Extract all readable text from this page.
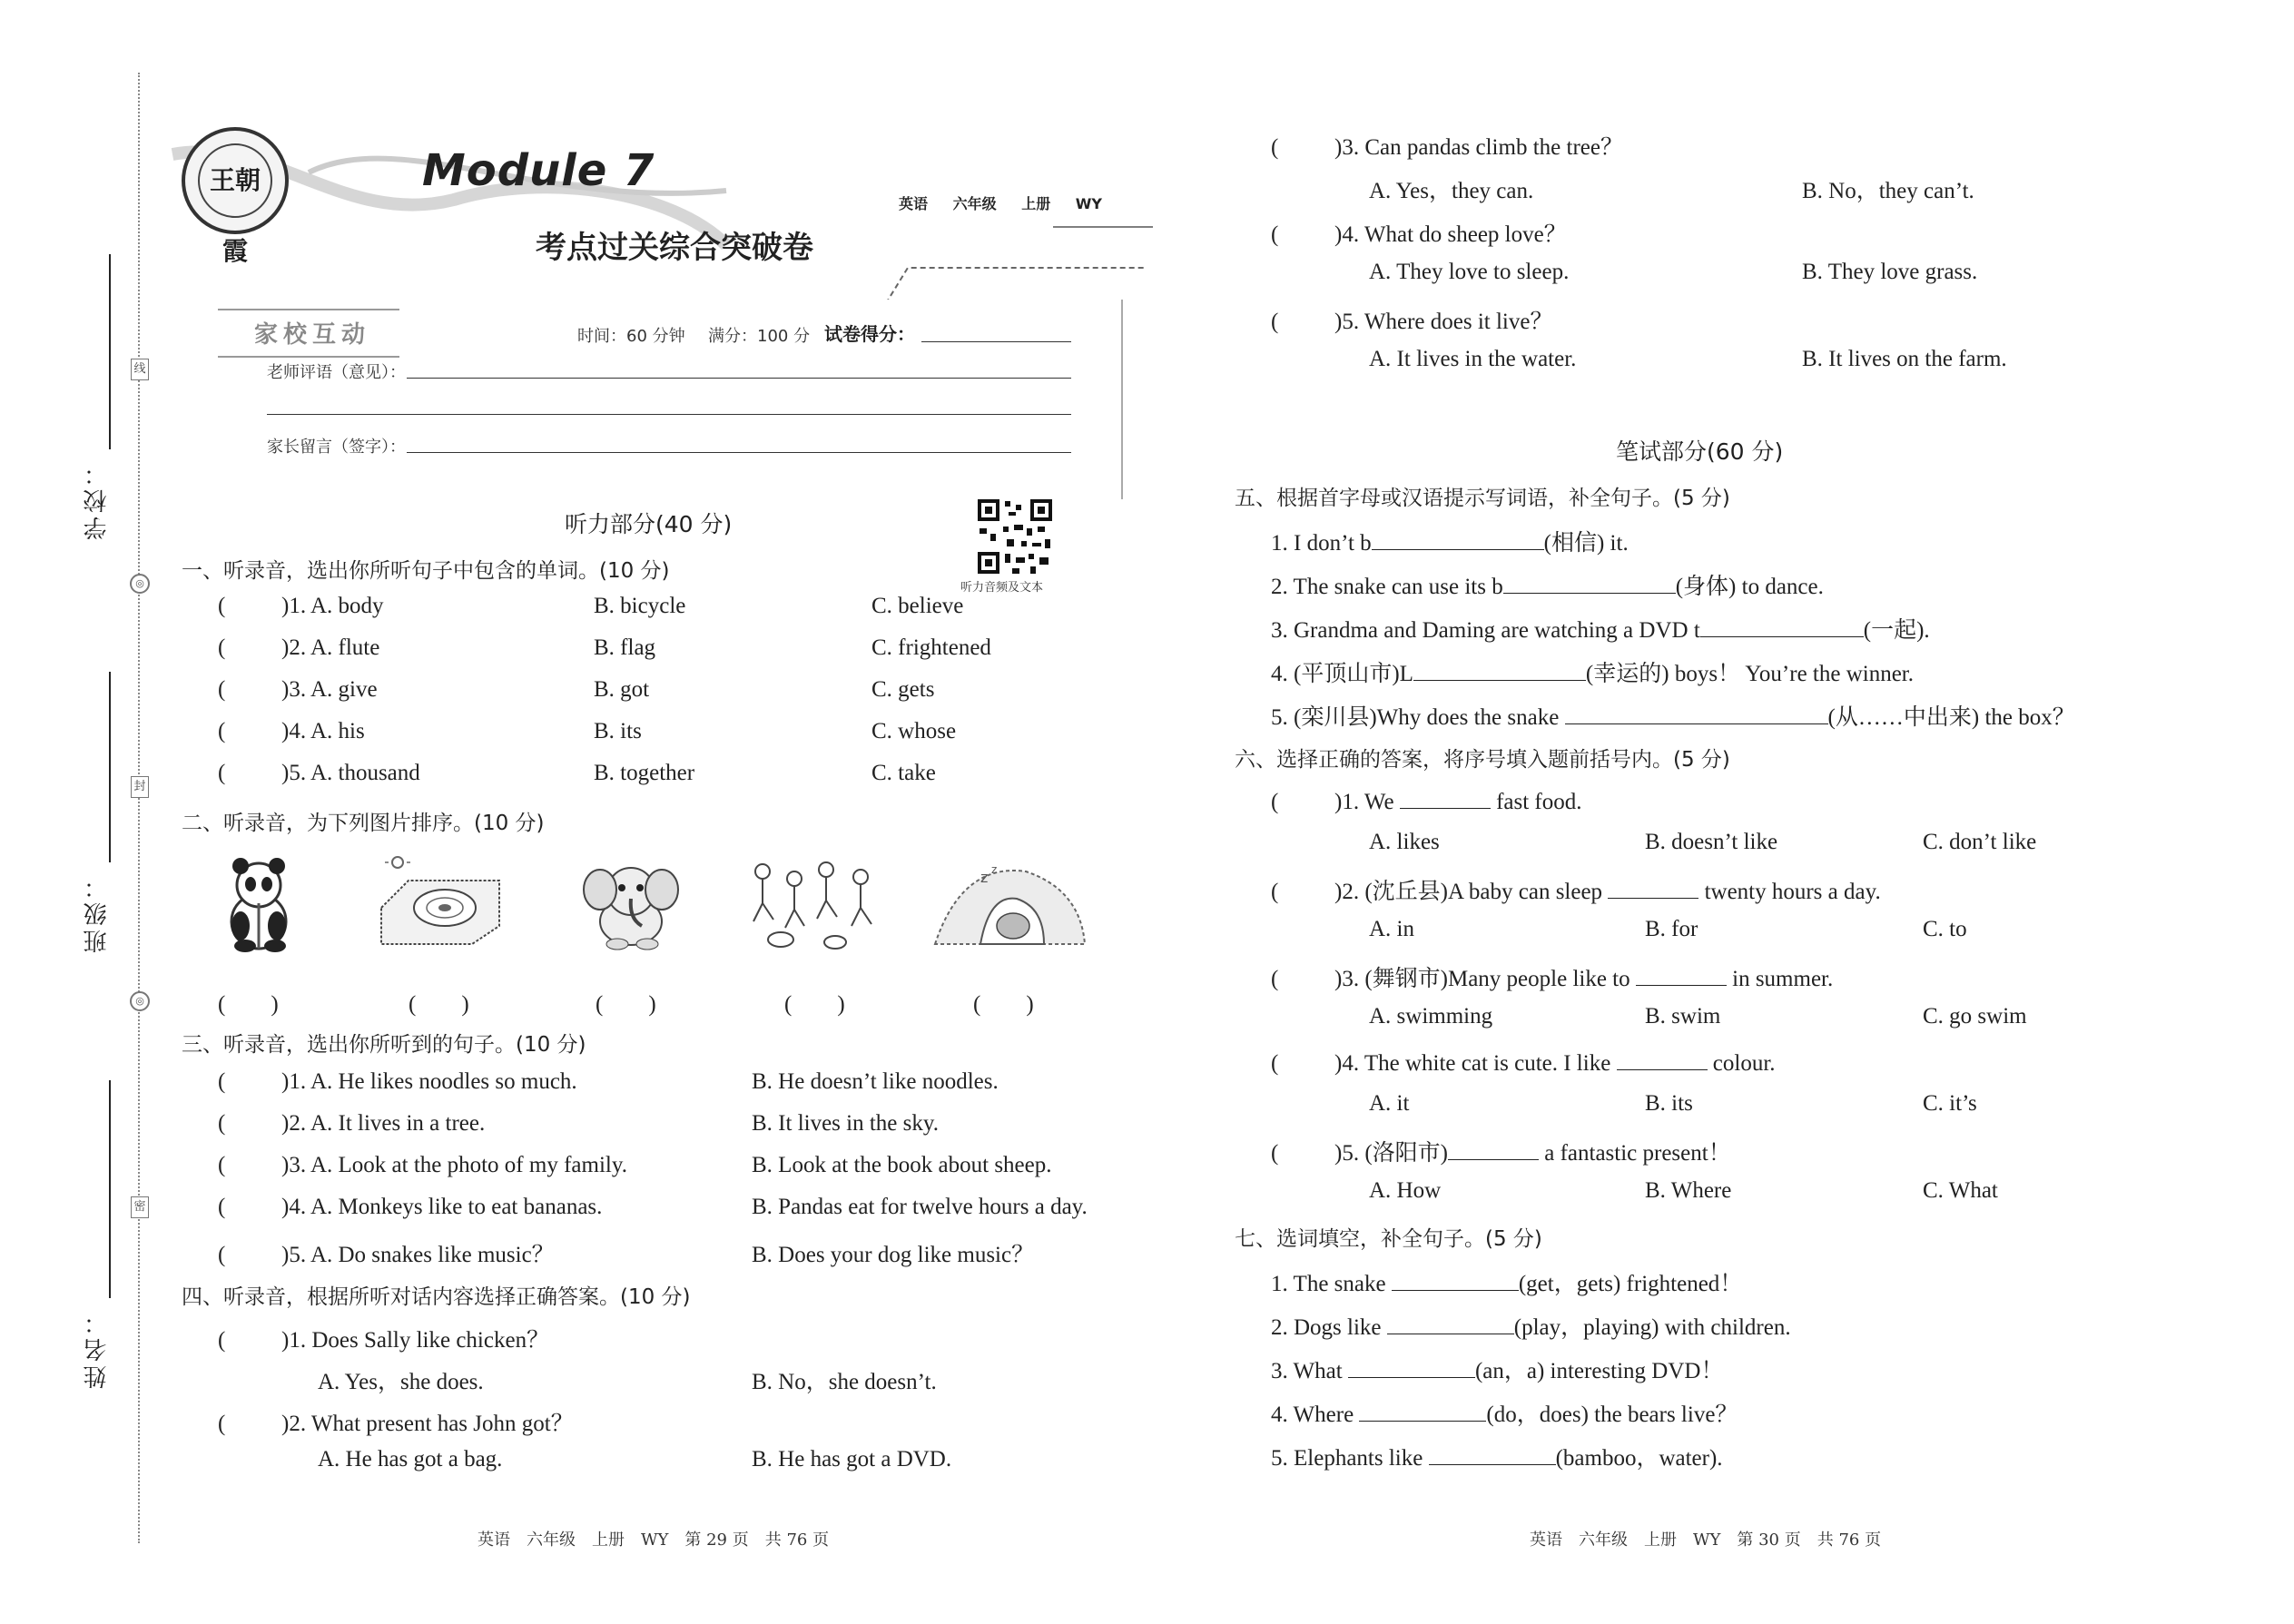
◎
◎
线
封
密
学校：
班级：
姓名：
王朝霞
Module 7
英语 六年级 上册 WY
考点过关综合突破卷
家校互动	时间：60 分钟 满分：100 分 试卷得分：
老师评语（意见）：
家长留言（签字）：
听力音频及文本
听力部分(40 分)
一、听录音，选出你所听句子中包含的单词。(10 分)
( )1. A. body	B. bicycle	C. believe
( )2. A. flute	B. flag	C. frightened
( )3. A. give	B. got	C. gets
( )4. A. his	B. its	C. whose
( )5. A. thousand	B. together	C. take
二、听录音，为下列图片排序。(10 分)
z z
(　　)	(　　)	(　　)	(　　)	(　　)
三、听录音，选出你所听到的句子。(10 分)
( )1. A. He likes noodles so much.	B. He doesn’t like noodles.
( )2. A. It lives in a tree.	B. It lives in the sky.
( )3. A. Look at the photo of my family.	B. Look at the book about sheep.
( )4. A. Monkeys like to eat bananas.	B. Pandas eat for twelve hours a day.
( )5. A. Do snakes like music？	B. Does your dog like music？
四、听录音，根据所听对话内容选择正确答案。(10 分)
( )1. Does Sally like chicken？
A. Yes，she does.	B. No，she doesn’t.
( )2. What present has John got？
A. He has got a bag.	B. He has got a DVD.
英语　六年级　上册　WY　第 29 页　共 76 页
( )3. Can pandas climb the tree？
A. Yes，they can.	B. No，they can’t.
( )4. What do sheep love？
A. They love to sleep.	B. They love grass.
( )5. Where does it live？
A. It lives in the water.	B. It lives on the farm.
笔试部分(60 分)
五、根据首字母或汉语提示写词语，补全句子。(5 分)
1. I don’t b	(相信) it.
2. The snake can use its b	(身体) to dance.
3. Grandma and Daming are watching a DVD t	(一起).
4. (平顶山市)L	(幸运的) boys！ You’re the winner.
5. (栾川县)Why does the snake	(从……中出来) the box？
六、选择正确的答案，将序号填入题前括号内。(5 分)
( )1. We	fast food.
A. likes	B. doesn’t like	C. don’t like
( )2. (沈丘县)A baby can sleep	twenty hours a day.
A. in	B. for	C. to
( )3. (舞钢市)Many people like to	in summer.
A. swimming	B. swim	C. go swim
( )4. The white cat is cute. I like	colour.
A. it	B. its	C. it’s
( )5. (洛阳市)	a fantastic present！
A. How	B. Where	C. What
七、选词填空，补全句子。(5 分)
1. The snake	(get，gets) frightened！
2. Dogs like	(play，playing) with children.
3. What	(an，a) interesting DVD！
4. Where	(do，does) the bears live？
5. Elephants like	(bamboo，water).
英语　六年级　上册　WY　第 30 页　共 76 页
